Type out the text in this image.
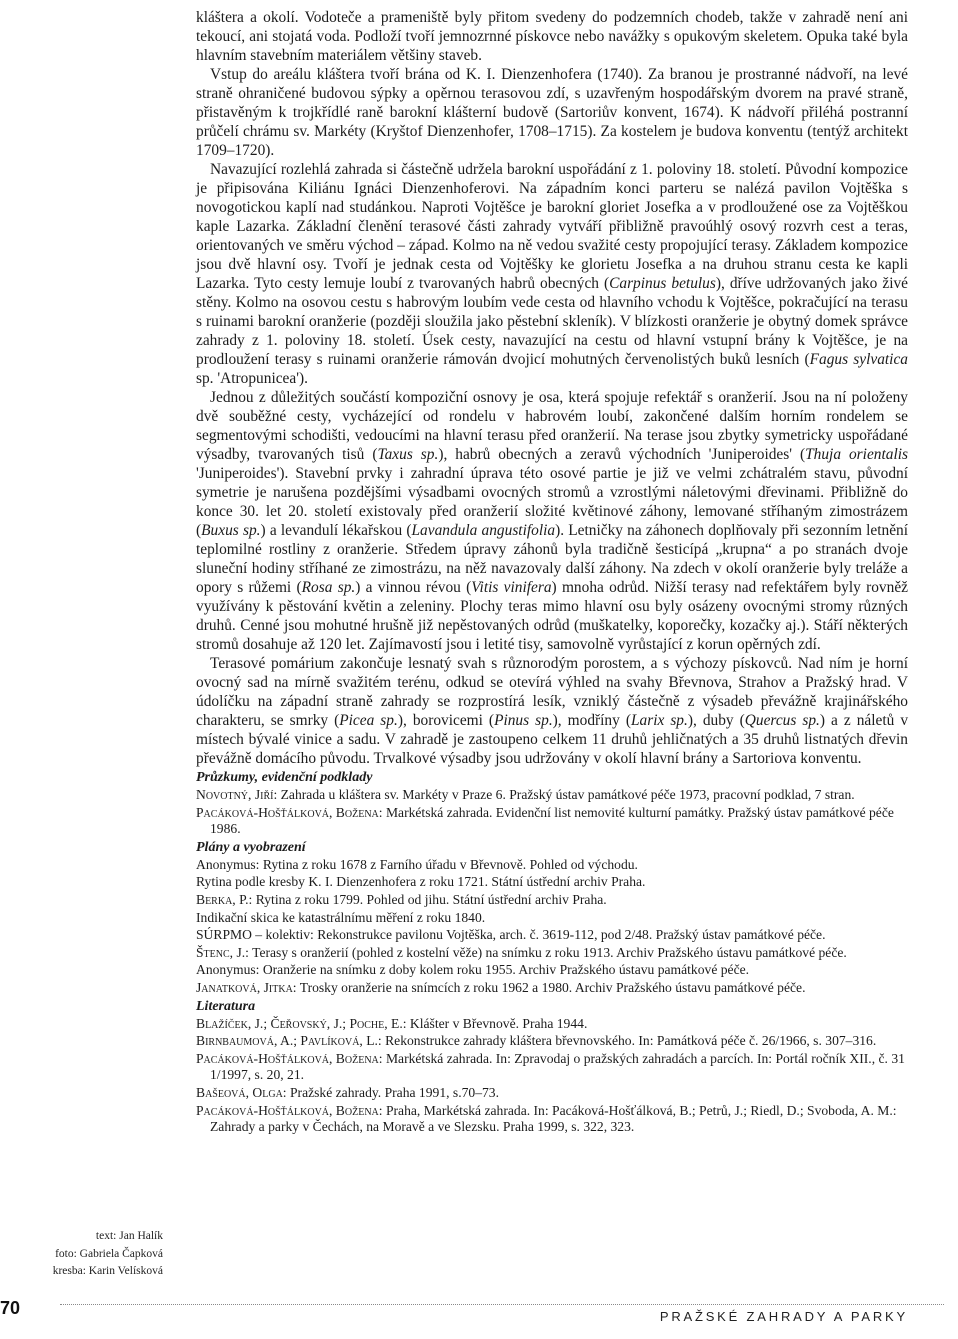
kláštera a okolí. Vodoteče a prameniště byly přitom svedeny do podzemních chodeb, takže v zahradě není ani tekoucí, ani stojatá voda. Podloží tvoří jemnozrnné pískovce nebo navážky s opukovým skeletem. Opuka také byla hlavním stavebním materiálem většiny staveb.

Vstup do areálu kláštera tvoří brána od K. I. Dienzenhofera (1740). Za branou je prostranné nádvoří, na levé straně ohraničené budovou sýpky a opěrnou terasovou zdí, s uzavřeným hospodářským dvorem na pravé straně, přistavěným k trojkřídlé raně barokní klášterní budově (Sartoriův konvent, 1674). K nádvoří přiléhá postranní průčelí chrámu sv. Markéty (Kryštof Dienzenhofer, 1708–1715). Za kostelem je budova konventu (tentýž architekt 1709–1720).

Navazující rozlehlá zahrada si částečně udržela barokní uspořádání z 1. poloviny 18. století. Původní kompozice je připisována Kiliánu Ignáci Dienzenhoferovi. Na západním konci parteru se nalézá pavilon Vojtěška s novogotickou kaplí nad studánkou. Naproti Vojtěšce je barokní gloriet Josefka a v prodloužené ose za Vojtěškou kaple Lazarka. Základní členění terasové části zahrady vytváří přibližně pravoúhlý osový rozvrh cest a teras, orientovaných ve směru východ – západ. Kolmo na ně vedou svažité cesty propojující terasy. Základem kompozice jsou dvě hlavní osy. Tvoří je jednak cesta od Vojtěšky ke glorietu Josefka a na druhou stranu cesta ke kapli Lazarka. Tyto cesty lemuje loubí z tvarovaných habrů obecných (Carpinus betulus), dříve udržovaných jako živé stěny. Kolmo na osovou cestu s habrovým loubím vede cesta od hlavního vchodu k Vojtěšce, pokračující na terasu s ruinami barokní oranžerie (později sloužila jako pěstební skleník). V blízkosti oranžerie je obytný domek správce zahrady z 1. poloviny 18. století. Úsek cesty, navazující na cestu od hlavní vstupní brány k Vojtěšce, je na prodloužení terasy s ruinami oranžerie rámován dvojicí mohutných červenolistých buků lesních (Fagus sylvatica sp. 'Atropunicea').

Jednou z důležitých součástí kompoziční osnovy je osa, která spojuje refektář s oranžerií. Jsou na ní položeny dvě souběžné cesty, vycházející od rondelu v habrovém loubí, zakončené dalším horním rondelem se segmentovými schodišti, vedoucími na hlavní terasu před oranžerií. Na terase jsou zbytky symetricky uspořádané výsadby, tvarovaných tisů (Taxus sp.), habrů obecných a zeravů východních 'Juniperoides' (Thuja orientalis 'Juniperoides'). Stavební prvky i zahradní úprava této osové partie je již ve velmi zchátralém stavu, původní symetrie je narušena pozdějšími výsadbami ovocných stromů a vzrostlými náletovými dřevinami. Přibližně do konce 30. let 20. století existovaly před oranžerií složité květinové záhony, lemované stříhaným zimostrázem (Buxus sp.) a levandulí lékařskou (Lavandula angustifolia). Letničky na záhonech doplňovaly při sezonním letnění teplomilné rostliny z oranžerie. Středem úpravy záhonů byla tradičně šesticípá „krupna“ a po stranách dvoje sluneční hodiny stříhané ze zimostrázu, na něž navazovaly další záhony. Na zdech v okolí oranžerie byly treláže a opory s růžemi (Rosa sp.) a vinnou révou (Vitis vinifera) mnoha odrůd. Nižší terasy nad refektářem byly rovněž využívány k pěstování květin a zeleniny. Plochy teras mimo hlavní osu byly osázeny ovocnými stromy různých druhů. Cenné jsou mohutné hrušně již nepěstovaných odrůd (muškatelky, koporečky, kozačky aj.). Stáří některých stromů dosahuje až 120 let. Zajímavostí jsou i letité tisy, samovolně vyrůstající z korun opěrných zdí.

Terasové pomárium zakončuje lesnatý svah s různorodým porostem, a s výchozy pískovců. Nad ním je horní ovocný sad na mírně svažitém terénu, odkud se otevírá výhled na svahy Břevnova, Strahov a Pražský hrad. V údolíčku na západní straně zahrady se rozprostírá lesík, vzniklý částečně z výsadeb převážně krajinářského charakteru, se smrky (Picea sp.), borovicemi (Pinus sp.), modříny (Larix sp.), duby (Quercus sp.) a z náletů v místech bývalé vinice a sadu. V zahradě je zastoupeno celkem 11 druhů jehličnatých a 35 druhů listnatých dřevin převážně domácího původu. Trvalkové výsadby jsou udržovány v okolí hlavní brány a Sartoriova konventu.

Průzkumy, evidenční podklady
Novotný, Jiří: Zahrada u kláštera sv. Markéty v Praze 6. Pražský ústav památkové péče 1973, pracovní podklad, 7 stran.
Pacáková-Hošťálková, Božena: Markétská zahrada. Evidenční list nemovité kulturní památky. Pražský ústav památkové péče 1986.
Plány a vyobrazení
Anonymus: Rytina z roku 1678 z Farního úřadu v Břevnově. Pohled od východu.
Rytina podle kresby K. I. Dienzenhofera z roku 1721. Státní ústřední archiv Praha.
Berka, P.: Rytina z roku 1799. Pohled od jihu. Státní ústřední archiv Praha.
Indikační skica ke katastrálnímu měření z roku 1840.
SÚRPMO – kolektiv: Rekonstrukce pavilonu Vojtěška, arch. č. 3619-112, pod 2/48. Pražský ústav památkové péče.
Štenc, J.: Terasy s oranžerií (pohled z kostelní věže) na snímku z roku 1913. Archiv Pražského ústavu památkové péče.
Anonymus: Oranžerie na snímku z doby kolem roku 1955. Archiv Pražského ústavu památkové péče.
Janatková, Jitka: Trosky oranžerie na snímcích z roku 1962 a 1980. Archiv Pražského ústavu památkové péče.
Literatura
Blažíček, J.; Čeřovský, J.; Poche, E.: Klášter v Břevnově. Praha 1944.
Birnbaumová, A.; Pavlíková, L.: Rekonstrukce zahrady kláštera břevnovského. In: Památková péče č. 26/1966, s. 307–316.
Pacáková-Hošťálková, Božena: Markétská zahrada. In: Zpravodaj o pražských zahradách a parcích. In: Portál ročník XII., č. 31 1/1997, s. 20, 21.
Bašeová, Olga: Pražské zahrady. Praha 1991, s.70–73.
Pacáková-Hošťálková, Božena: Praha, Markétská zahrada. In: Pacáková-Hošťálková, B.; Petrů, J.; Riedl, D.; Svoboda, A. M.: Zahrady a parky v Čechách, na Moravě a ve Slezsku. Praha 1999, s. 322, 323.
text: Jan Halík
foto: Gabriela Čapková
kresba: Karin Velísková
70	PRAŽSKÉ ZAHRADY A PARKY
